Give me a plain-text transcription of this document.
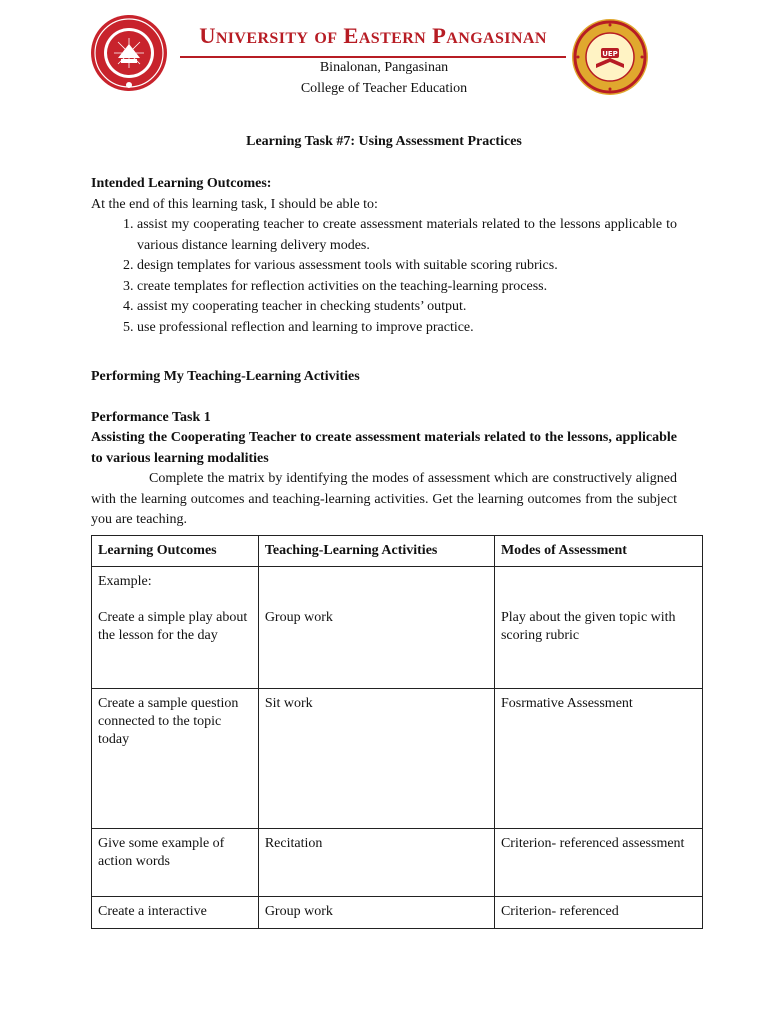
University of Eastern Pangasinan
UEP
Binalonan, Pangasinan
College of Teacher Education
Learning Task #7: Using Assessment Practices
Intended Learning Outcomes:
At the end of this learning task, I should be able to:
1. assist my cooperating teacher to create assessment materials related to the lessons applicable to various distance learning delivery modes.
2. design templates for various assessment tools with suitable scoring rubrics.
3. create templates for reflection activities on the teaching-learning process.
4. assist my cooperating teacher in checking students’ output.
5. use professional reflection and learning to improve practice.
Performing My Teaching-Learning Activities
Performance Task 1
Assisting the Cooperating Teacher to create assessment materials related to the lessons, applicable to various learning modalities
Complete the matrix by identifying the modes of assessment which are constructively aligned with the learning outcomes and teaching-learning activities. Get the learning outcomes from the subject you are teaching.
Learning Outcomes	Teaching-Learning Activities	Modes of Assessment

Example:
Create a simple play about the lesson for the day	Group work	Play about the given topic with scoring rubric

Create a sample question connected to the topic today	Sit work	Fosrmative Assessment
Give some example of action words	Recitation	Criterion- referenced assessment
Create a interactive	Group work	Criterion- referenced
